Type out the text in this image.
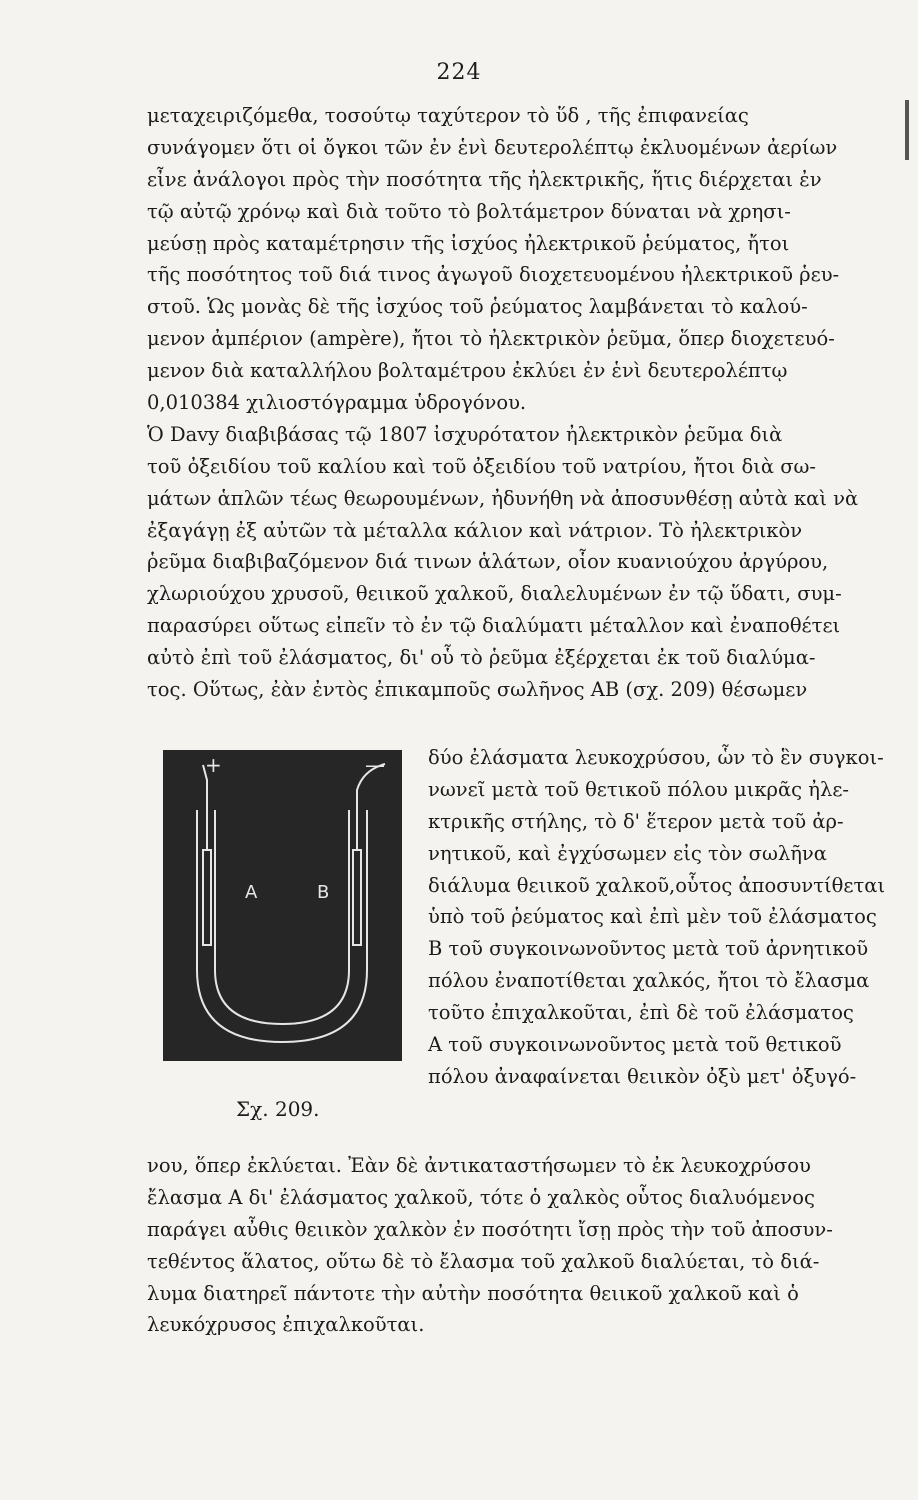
224
μεταχειριζόμεθα, τοσούτῳ ταχύτερον τὸ ὕδ , τῆς ἐπιφανείας
συνάγομεν ὅτι οἱ ὄγκοι τῶν ἐν ἑνὶ δευτερολέπτῳ ἐκλυομένων ἀερίων
εἶνε ἀνάλογοι πρὸς τὴν ποσότητα τῆς ἠλεκτρικῆς, ἥτις διέρχεται ἐν
τῷ αὐτῷ χρόνῳ καὶ διὰ τοῦτο τὸ βολτάμετρον δύναται νὰ χρησι-
μεύσῃ πρὸς καταμέτρησιν τῆς ἰσχύος ἠλεκτρικοῦ ῥεύματος, ἤτοι
τῆς ποσότητος τοῦ διά τινος ἀγωγοῦ διοχετευομένου ἠλεκτρικοῦ ῥευ-
στοῦ. Ὡς μονὰς δὲ τῆς ἰσχύος τοῦ ῥεύματος λαμβάνεται τὸ καλού-
μενον ἀμπέριον (ampère), ἤτοι τὸ ἠλεκτρικὸν ῥεῦμα, ὅπερ διοχετευό-
μενον διὰ καταλλήλου βολταμέτρου ἐκλύει ἐν ἑνὶ δευτερολέπτῳ
0,010384 χιλιοστόγραμμα ὑδρογόνου.
Ὁ Davy διαβιβάσας τῷ 1807 ἰσχυρότατον ἠλεκτρικὸν ῥεῦμα διὰ
τοῦ ὀξειδίου τοῦ καλίου καὶ τοῦ ὀξειδίου τοῦ νατρίου, ἤτοι διὰ σω-
μάτων ἁπλῶν τέως θεωρουμένων, ἠδυνήθη νὰ ἀποσυνθέσῃ αὐτὰ καὶ νὰ
ἐξαγάγῃ ἐξ αὐτῶν τὰ μέταλλα κάλιον καὶ νάτριον. Τὸ ἠλεκτρικὸν
ῥεῦμα διαβιβαζόμενον διά τινων ἁλάτων, οἷον κυανιούχου ἀργύρου,
χλωριούχου χρυσοῦ, θειικοῦ χαλκοῦ, διαλελυμένων ἐν τῷ ὕδατι, συμ-
παρασύρει οὕτως εἰπεῖν τὸ ἐν τῷ διαλύματι μέταλλον καὶ ἐναποθέτει
αὐτὸ ἐπὶ τοῦ ἐλάσματος, δι' οὗ τὸ ῥεῦμα ἐξέρχεται ἐκ τοῦ διαλύμα-
τος. Οὕτως, ἐὰν ἐντὸς ἐπικαμποῦς σωλῆνος ΑΒ (σχ. 209) θέσωμεν
+	—
Α	Β
Σχ. 209.
δύο ἐλάσματα λευκοχρύσου, ὧν τὸ ἓν συγκοι-
νωνεῖ μετὰ τοῦ θετικοῦ πόλου μικρᾶς ἠλε-
κτρικῆς στήλης, τὸ δ' ἕτερον μετὰ τοῦ ἀρ-
νητικοῦ, καὶ ἐγχύσωμεν εἰς τὸν σωλῆνα
διάλυμα θειικοῦ χαλκοῦ,οὗτος ἀποσυντίθεται
ὑπὸ τοῦ ῥεύματος καὶ ἐπὶ μὲν τοῦ ἐλάσματος
Β τοῦ συγκοινωνοῦντος μετὰ τοῦ ἀρνητικοῦ
πόλου ἐναποτίθεται χαλκός, ἤτοι τὸ ἔλασμα
τοῦτο ἐπιχαλκοῦται, ἐπὶ δὲ τοῦ ἐλάσματος
Α τοῦ συγκοινωνοῦντος μετὰ τοῦ θετικοῦ
πόλου ἀναφαίνεται θειικὸν ὀξὺ μετ' ὀξυγό-
νου, ὅπερ ἐκλύεται. Ἐὰν δὲ ἀντικαταστήσωμεν τὸ ἐκ λευκοχρύσου
ἔλασμα Α δι' ἐλάσματος χαλκοῦ, τότε ὁ χαλκὸς οὗτος διαλυόμενος
παράγει αὖθις θειικὸν χαλκὸν ἐν ποσότητι ἴσῃ πρὸς τὴν τοῦ ἀποσυν-
τεθέντος ἅλατος, οὕτω δὲ τὸ ἔλασμα τοῦ χαλκοῦ διαλύεται, τὸ διά-
λυμα διατηρεῖ πάντοτε τὴν αὐτὴν ποσότητα θειικοῦ χαλκοῦ καὶ ὁ
λευκόχρυσος ἐπιχαλκοῦται.
